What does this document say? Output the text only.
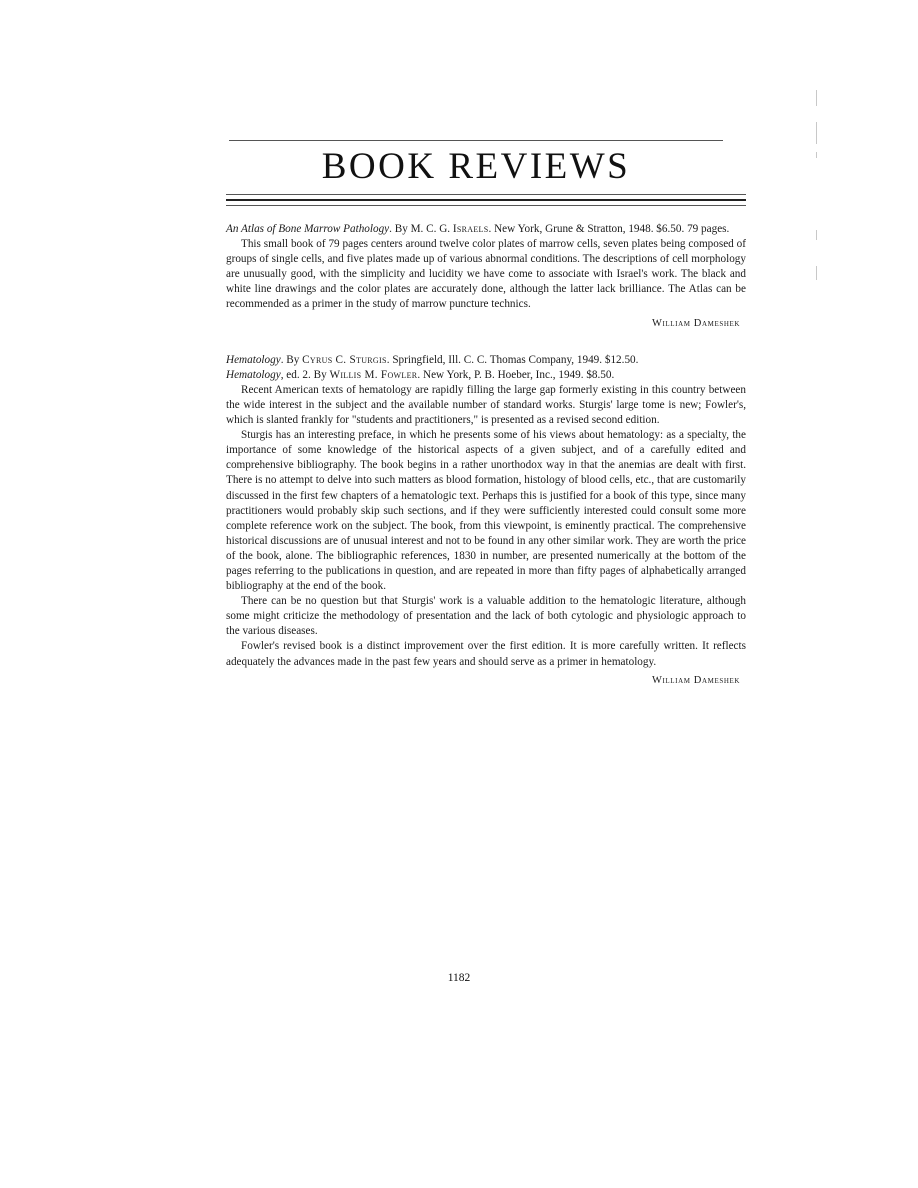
BOOK REVIEWS

An Atlas of Bone Marrow Pathology. By M. C. G. Israels. New York, Grune & Stratton, 1948. $6.50. 79 pages.

This small book of 79 pages centers around twelve color plates of marrow cells, seven plates being composed of groups of single cells, and five plates made up of various abnormal conditions. The descriptions of cell morphology are unusually good, with the simplicity and lucidity we have come to associate with Israel's work. The black and white line drawings and the color plates are accurately done, although the latter lack brilliance. The Atlas can be recommended as a primer in the study of marrow puncture technics.

William Dameshek

Hematology. By Cyrus C. Sturgis. Springfield, Ill. C. C. Thomas Company, 1949. $12.50.

Hematology, ed. 2. By Willis M. Fowler. New York, P. B. Hoeber, Inc., 1949. $8.50.

Recent American texts of hematology are rapidly filling the large gap formerly existing in this country between the wide interest in the subject and the available number of standard works. Sturgis' large tome is new; Fowler's, which is slanted frankly for "students and practitioners," is presented as a revised second edition.

Sturgis has an interesting preface, in which he presents some of his views about hematology: as a specialty, the importance of some knowledge of the historical aspects of a given subject, and of a carefully edited and comprehensive bibliography. The book begins in a rather unorthodox way in that the anemias are dealt with first. There is no attempt to delve into such matters as blood formation, histology of blood cells, etc., that are customarily discussed in the first few chapters of a hematologic text. Perhaps this is justified for a book of this type, since many practitioners would probably skip such sections, and if they were sufficiently interested could consult some more complete reference work on the subject. The book, from this viewpoint, is eminently practical. The comprehensive historical discussions are of unusual interest and not to be found in any other similar work. They are worth the price of the book, alone. The bibliographic references, 1830 in number, are presented numerically at the bottom of the pages referring to the publications in question, and are repeated in more than fifty pages of alphabetically arranged bibliography at the end of the book.

There can be no question but that Sturgis' work is a valuable addition to the hematologic literature, although some might criticize the methodology of presentation and the lack of both cytologic and physiologic approach to the various diseases.

Fowler's revised book is a distinct improvement over the first edition. It is more carefully written. It reflects adequately the advances made in the past few years and should serve as a primer in hematology.

William Dameshek
1182
